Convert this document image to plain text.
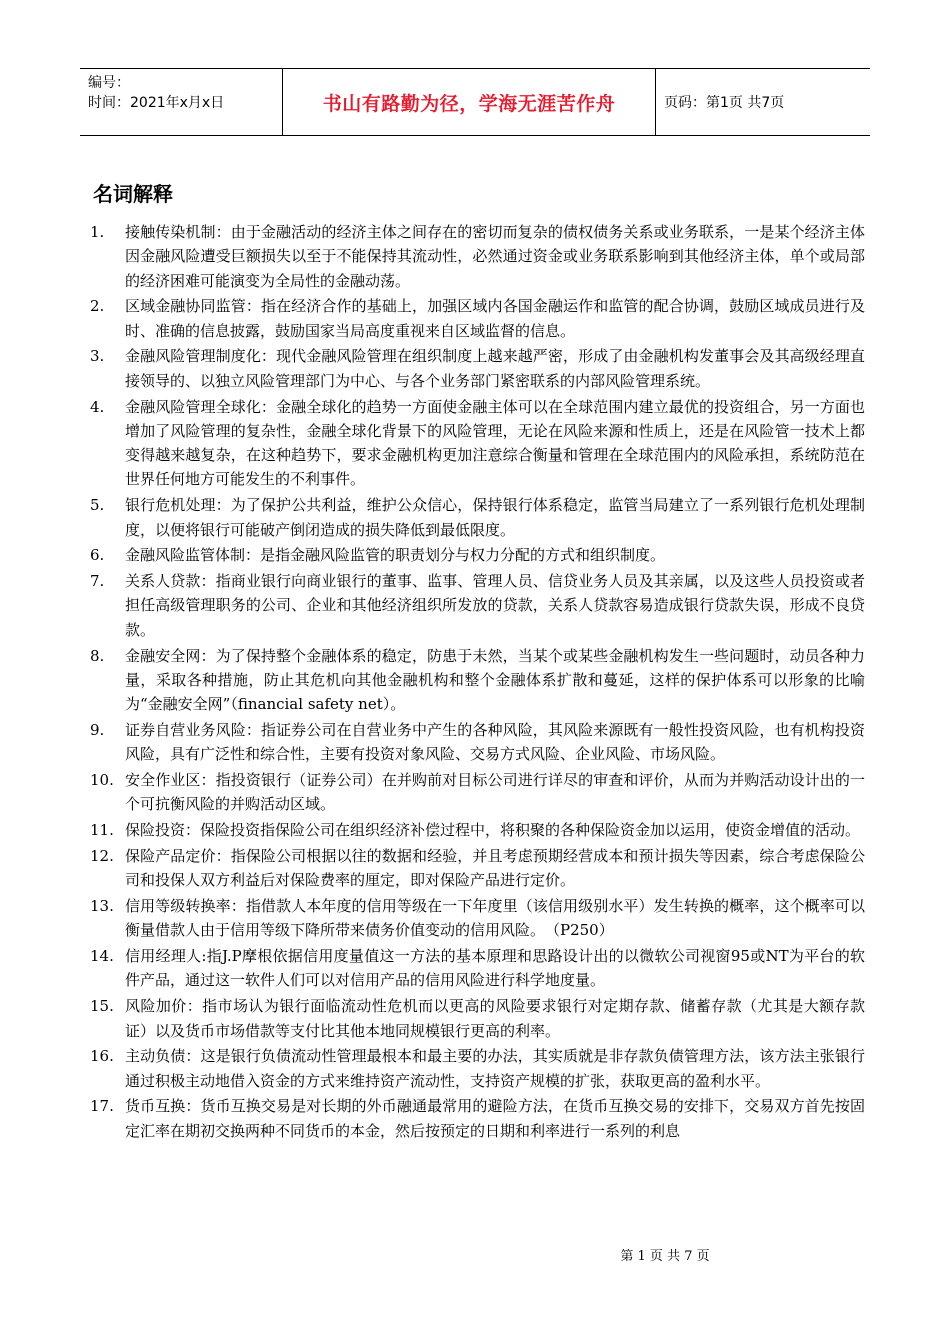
编号：
时间：2021年x月x日	书山有路勤为径，学海无涯苦作舟	页码：第1页 共7页
名词解释
1.	接触传染机制：由于金融活动的经济主体之间存在的密切而复杂的债权债务关系或业务联系，一是某个经济主体因金融风险遭受巨额损失以至于不能保持其流动性，必然通过资金或业务联系影响到其他经济主体，单个或局部的经济困难可能演变为全局性的金融动荡。
2.	区域金融协同监管：指在经济合作的基础上，加强区域内各国金融运作和监管的配合协调，鼓励区域成员进行及时、准确的信息披露，鼓励国家当局高度重视来自区域监督的信息。
3.	金融风险管理制度化：现代金融风险管理在组织制度上越来越严密，形成了由金融机构发董事会及其高级经理直接领导的、以独立风险管理部门为中心、与各个业务部门紧密联系的内部风险管理系统。
4.	金融风险管理全球化：金融全球化的趋势一方面使金融主体可以在全球范围内建立最优的投资组合，另一方面也增加了风险管理的复杂性，金融全球化背景下的风险管理，无论在风险来源和性质上，还是在风险管一技术上都变得越来越复杂，在这种趋势下，要求金融机构更加注意综合衡量和管理在全球范围内的风险承担，系统防范在世界任何地方可能发生的不利事件。
5.	银行危机处理：为了保护公共利益，维护公众信心，保持银行体系稳定，监管当局建立了一系列银行危机处理制度，以便将银行可能破产倒闭造成的损失降低到最低限度。
6.	金融风险监管体制：是指金融风险监管的职责划分与权力分配的方式和组织制度。
7.	关系人贷款：指商业银行向商业银行的董事、监事、管理人员、信贷业务人员及其亲属，以及这些人员投资或者担任高级管理职务的公司、企业和其他经济组织所发放的贷款，关系人贷款容易造成银行贷款失误，形成不良贷款。
8.	金融安全网：为了保持整个金融体系的稳定，防患于未然，当某个或某些金融机构发生一些问题时，动员各种力量，采取各种措施，防止其危机向其他金融机构和整个金融体系扩散和蔓延，这样的保护体系可以形象的比喻为“金融安全网”（financial safety net）。
9.	证券自营业务风险：指证券公司在自营业务中产生的各种风险，其风险来源既有一般性投资风险，也有机构投资风险，具有广泛性和综合性，主要有投资对象风险、交易方式风险、企业风险、市场风险。
10. 安全作业区：指投资银行（证券公司）在并购前对目标公司进行详尽的审查和评价，从而为并购活动设计出的一个可抗衡风险的并购活动区域。
11. 保险投资：保险投资指保险公司在组织经济补偿过程中，将积聚的各种保险资金加以运用，使资金增值的活动。
12. 保险产品定价：指保险公司根据以往的数据和经验，并且考虑预期经营成本和预计损失等因素，综合考虑保险公司和投保人双方利益后对保险费率的厘定，即对保险产品进行定价。
13. 信用等级转换率：指借款人本年度的信用等级在一下年度里（该信用级别水平）发生转换的概率，这个概率可以衡量借款人由于信用等级下降所带来债务价值变动的信用风险。　（P250）
14. 信用经理人:指J.P摩根依据信用度量值这一方法的基本原理和思路设计出的以微软公司视窗95或NT为平台的软件产品，通过这一软件人们可以对信用产品的信用风险进行科学地度量。
15. 风险加价：指市场认为银行面临流动性危机而以更高的风险要求银行对定期存款、储蓄存款（尤其是大额存款证）以及货币市场借款等支付比其他本地同规模银行更高的利率。
16. 主动负债：这是银行负债流动性管理最根本和最主要的办法，其实质就是非存款负债管理方法，该方法主张银行通过积极主动地借入资金的方式来维持资产流动性，支持资产规模的扩张，获取更高的盈利水平。
17. 货币互换：货币互换交易是对长期的外币融通最常用的避险方法，在货币互换交易的安排下，交易双方首先按固定汇率在期初交换两种不同货币的本金，然后按预定的日期和利率进行一系列的利息
第 1 页 共 7 页
